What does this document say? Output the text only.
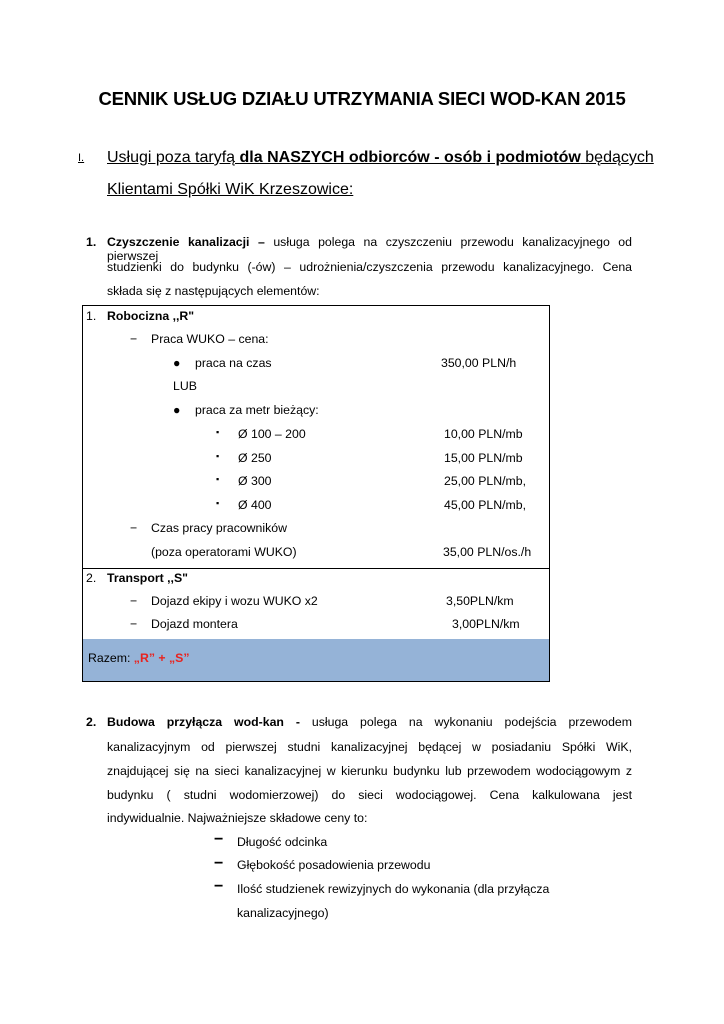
CENNIK USŁUG DZIAŁU UTRZYMANIA SIECI WOD-KAN 2015
I. Usługi poza taryfą dla NASZYCH odbiorców - osób i podmiotów będących
Klientami Spółki WiK Krzeszowice:
1. Czyszczenie kanalizacji – usługa polega na czyszczeniu przewodu kanalizacyjnego od pierwszej
studzienki do budynku (-ów) – udrożnienia/czyszczenia przewodu kanalizacyjnego. Cena
składa się z następujących elementów:
1. Robocizna ,,R"
− Praca WUKO – cena:
● praca na czas	350,00 PLN/h
LUB
● praca za metr bieżący:
▪ Ø 100 – 200	10,00 PLN/mb
▪ Ø 250	15,00 PLN/mb
▪ Ø 300	25,00 PLN/mb,
▪ Ø 400	45,00 PLN/mb,
− Czas pracy pracowników
(poza operatorami WUKO)	35,00 PLN/os./h
2. Transport ,,S"
− Dojazd ekipy i wozu WUKO x2	3,50PLN/km
− Dojazd montera	3,00PLN/km
Razem: „R” + „S”
2. Budowa przyłącza wod-kan - usługa polega na wykonaniu podejścia przewodem
kanalizacyjnym od pierwszej studni kanalizacyjnej będącej w posiadaniu Spółki WiK,
znajdującej się na sieci kanalizacyjnej w kierunku budynku lub przewodem wodociągowym z
budynku ( studni wodomierzowej) do sieci wodociągowej. Cena kalkulowana jest
indywidualnie. Najważniejsze składowe ceny to:
− Długość odcinka
− Głębokość posadowienia przewodu
− Ilość studzienek rewizyjnych do wykonania (dla przyłącza
kanalizacyjnego)
